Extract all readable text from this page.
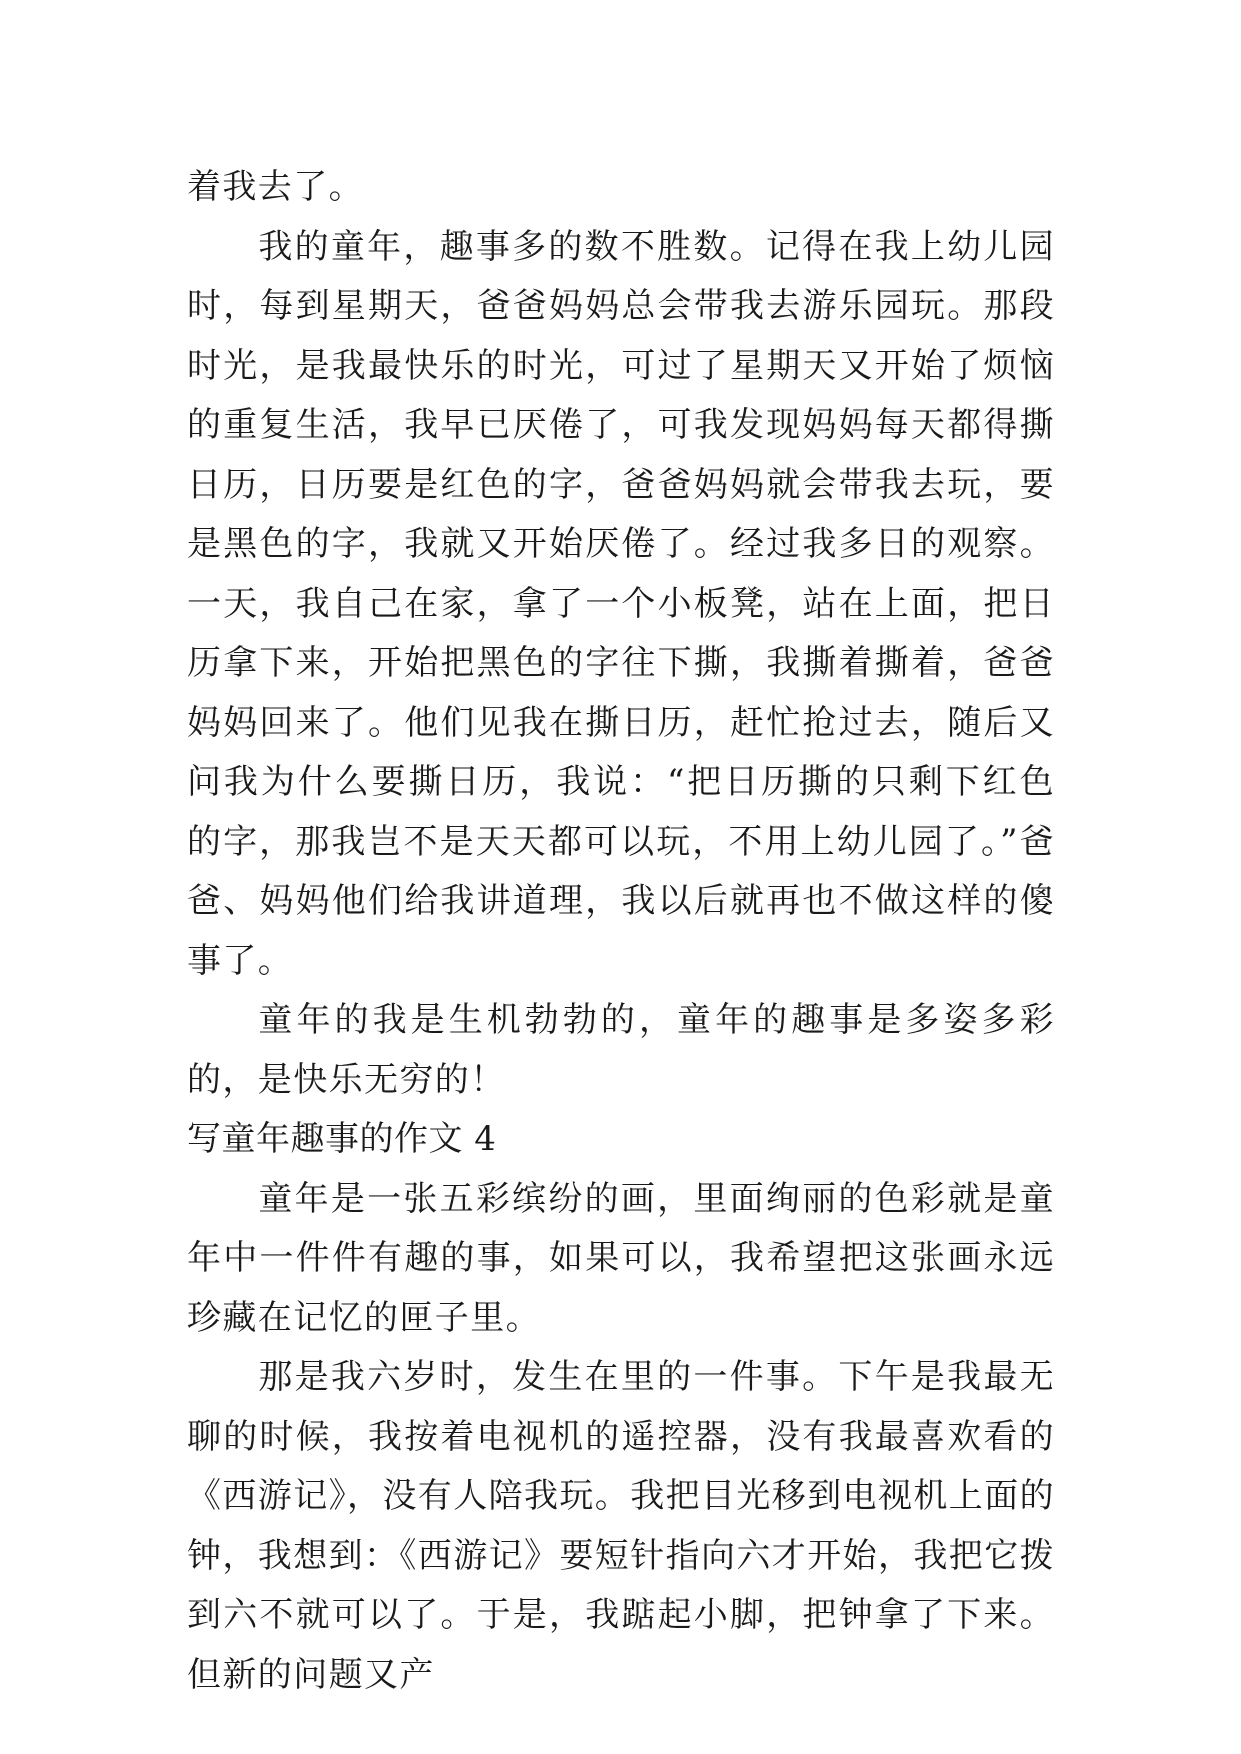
着我去了。

我的童年，趣事多的数不胜数。记得在我上幼儿园时，每到星期天，爸爸妈妈总会带我去游乐园玩。那段时光，是我最快乐的时光，可过了星期天又开始了烦恼的重复生活，我早已厌倦了，可我发现妈妈每天都得撕日历，日历要是红色的字，爸爸妈妈就会带我去玩，要是黑色的字，我就又开始厌倦了。经过我多日的观察。一天，我自己在家，拿了一个小板凳，站在上面，把日历拿下来，开始把黑色的字往下撕，我撕着撕着，爸爸妈妈回来了。他们见我在撕日历，赶忙抢过去，随后又问我为什么要撕日历，我说：“把日历撕的只剩下红色的字，那我岂不是天天都可以玩，不用上幼儿园了。”爸爸、妈妈他们给我讲道理，我以后就再也不做这样的傻事了。

童年的我是生机勃勃的，童年的趣事是多姿多彩的，是快乐无穷的！

写童年趣事的作文 4

童年是一张五彩缤纷的画，里面绚丽的色彩就是童年中一件件有趣的事，如果可以，我希望把这张画永远珍藏在记忆的匣子里。

那是我六岁时，发生在里的一件事。下午是我最无聊的时候，我按着电视机的遥控器，没有我最喜欢看的《西游记》，没有人陪我玩。我把目光移到电视机上面的钟，我想到：《西游记》要短针指向六才开始，我把它拨到六不就可以了。于是，我踮起小脚，把钟拿了下来。但新的问题又产
